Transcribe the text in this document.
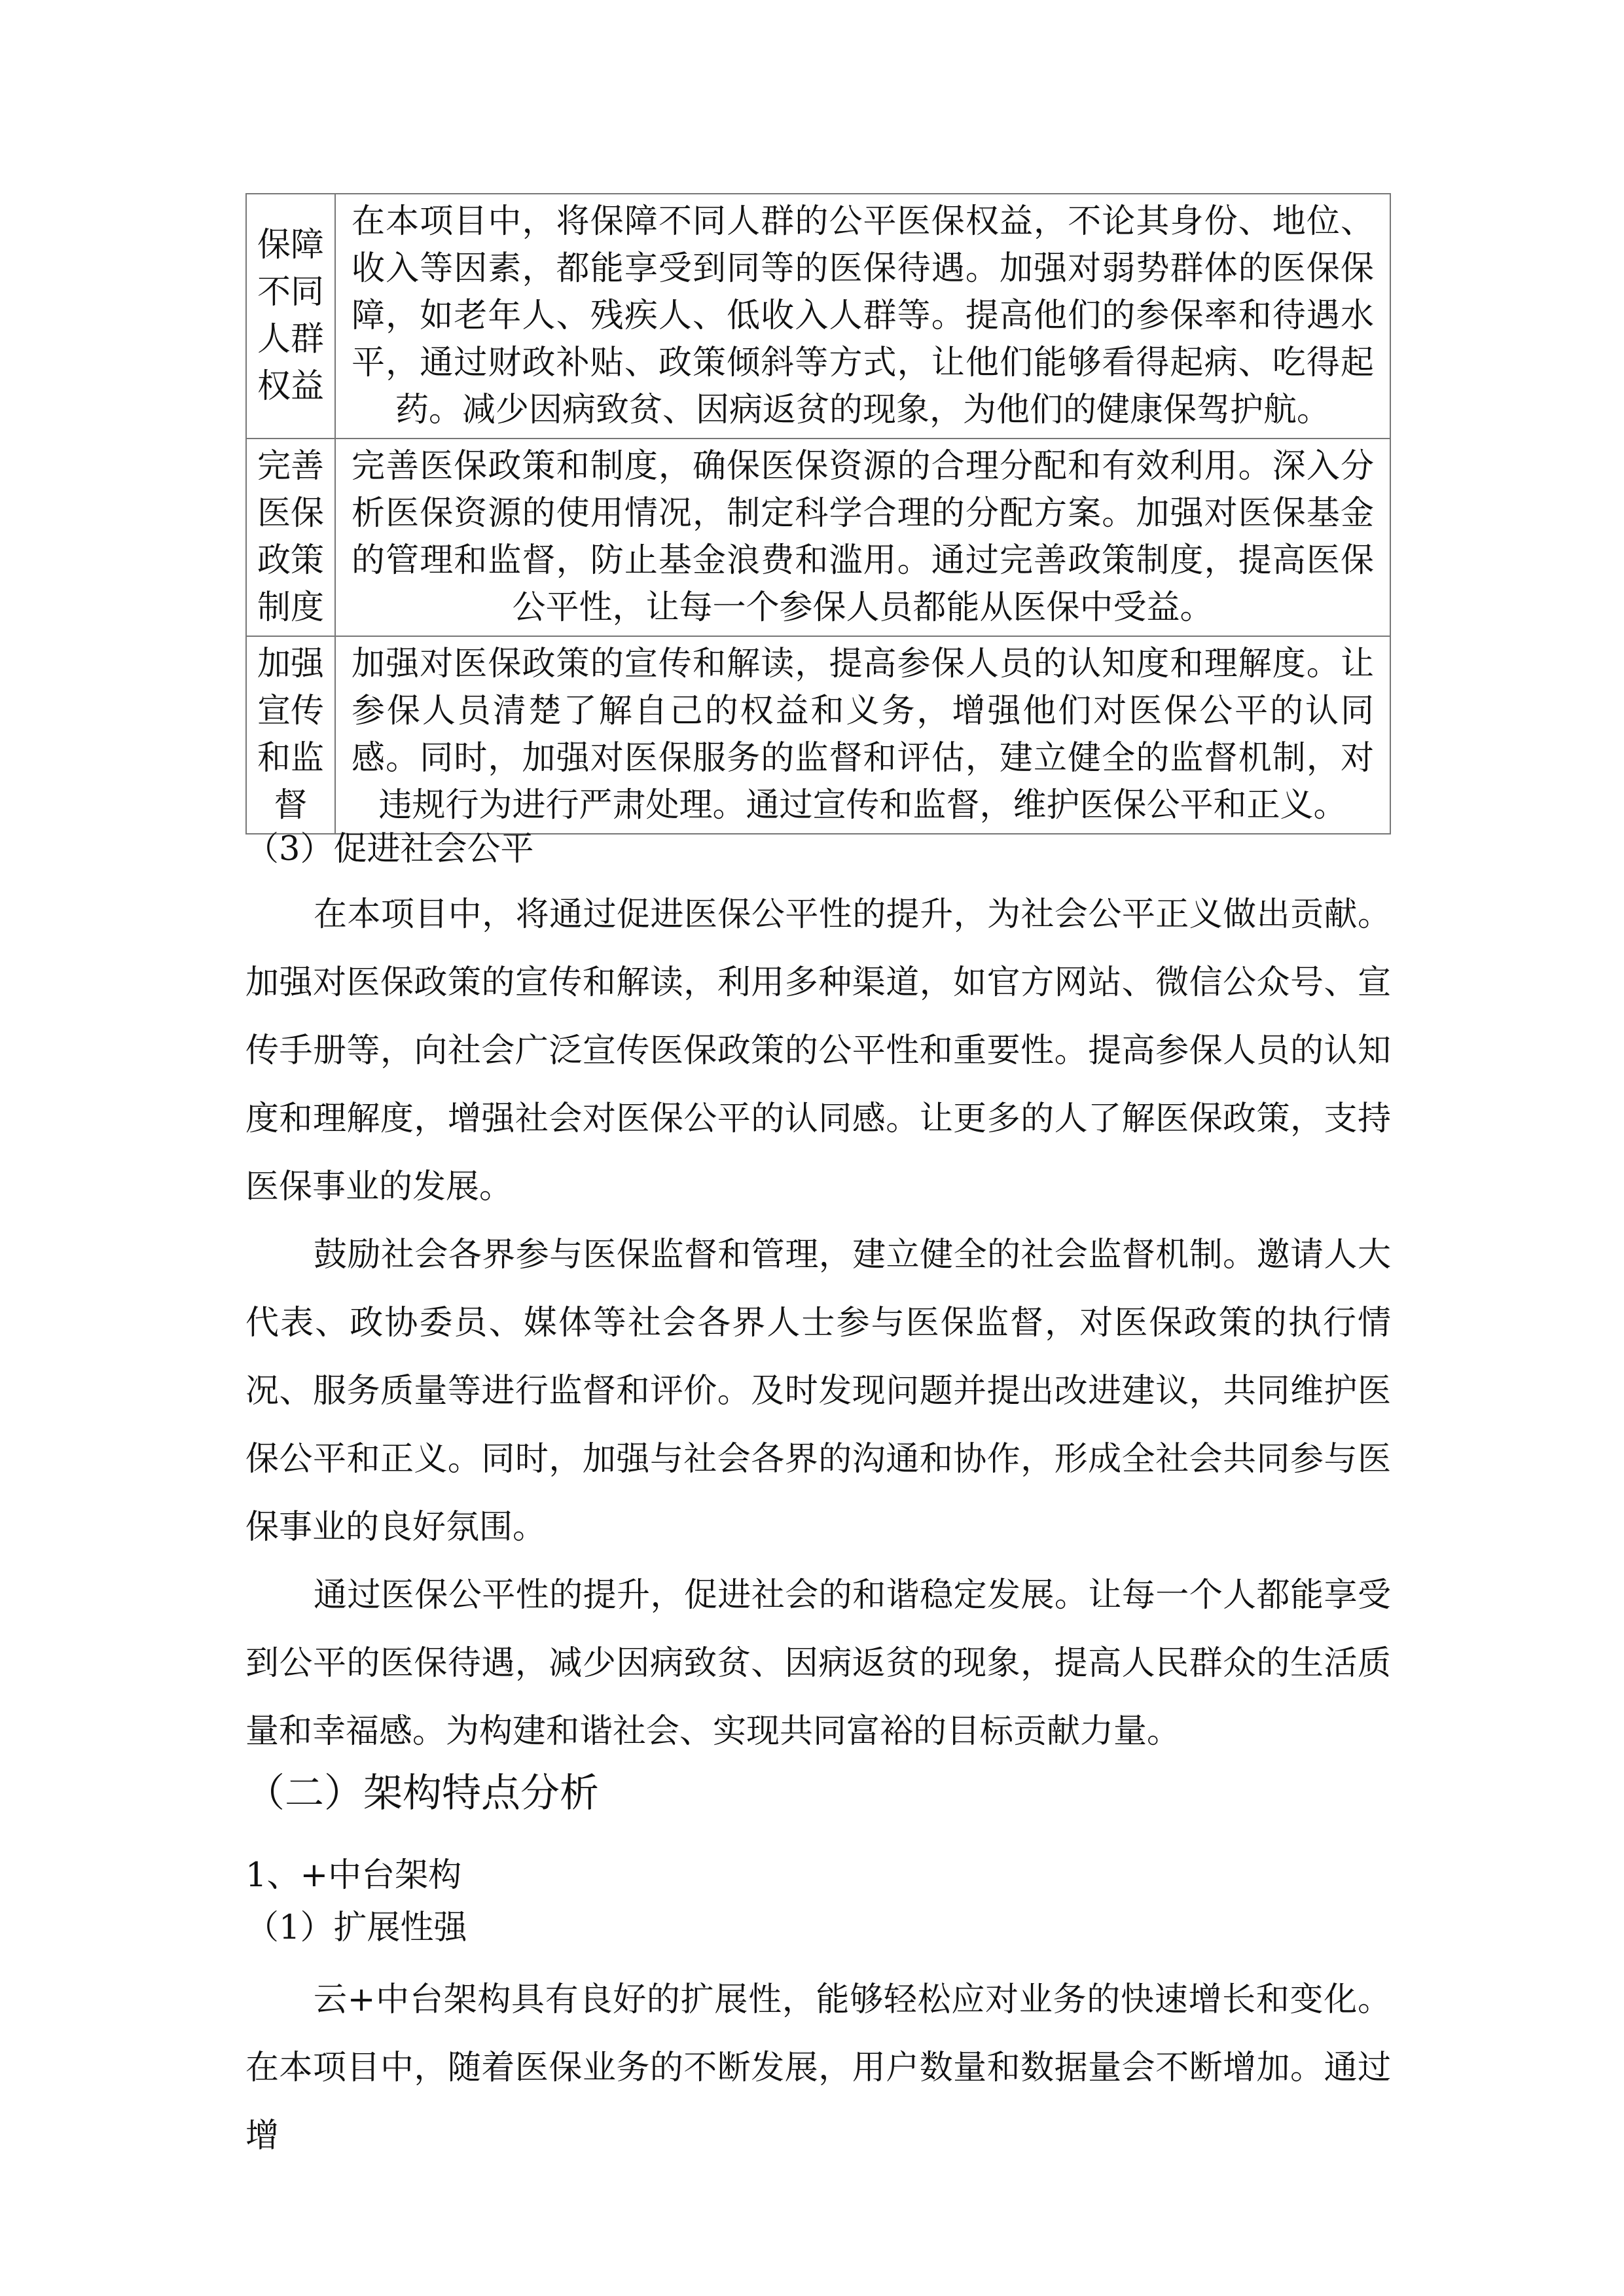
保障不同人群权益	在本项目中，将保障不同人群的公平医保权益，不论其身份、地位、收入等因素，都能享受到同等的医保待遇。加强对弱势群体的医保保障，如老年人、残疾人、低收入人群等。提高他们的参保率和待遇水平，通过财政补贴、政策倾斜等方式，让他们能够看得起病、吃得起药。减少因病致贫、因病返贫的现象，为他们的健康保驾护航。
完善医保政策制度	完善医保政策和制度，确保医保资源的合理分配和有效利用。深入分析医保资源的使用情况，制定科学合理的分配方案。加强对医保基金的管理和监督，防止基金浪费和滥用。通过完善政策制度，提高医保公平性，让每一个参保人员都能从医保中受益。
加强宣传和监督	加强对医保政策的宣传和解读，提高参保人员的认知度和理解度。让参保人员清楚了解自己的权益和义务，增强他们对医保公平的认同感。同时，加强对医保服务的监督和评估，建立健全的监督机制，对违规行为进行严肃处理。通过宣传和监督，维护医保公平和正义。
（3）促进社会公平

在本项目中，将通过促进医保公平性的提升，为社会公平正义做出贡献。加强对医保政策的宣传和解读，利用多种渠道，如官方网站、微信公众号、宣传手册等，向社会广泛宣传医保政策的公平性和重要性。提高参保人员的认知度和理解度，增强社会对医保公平的认同感。让更多的人了解医保政策，支持医保事业的发展。

鼓励社会各界参与医保监督和管理，建立健全的社会监督机制。邀请人大代表、政协委员、媒体等社会各界人士参与医保监督，对医保政策的执行情况、服务质量等进行监督和评价。及时发现问题并提出改进建议，共同维护医保公平和正义。同时，加强与社会各界的沟通和协作，形成全社会共同参与医保事业的良好氛围。

通过医保公平性的提升，促进社会的和谐稳定发展。让每一个人都能享受到公平的医保待遇，减少因病致贫、因病返贫的现象，提高人民群众的生活质量和幸福感。为构建和谐社会、实现共同富裕的目标贡献力量。

（二）架构特点分析
1、+中台架构
（1）扩展性强

云+中台架构具有良好的扩展性，能够轻松应对业务的快速增长和变化。在本项目中，随着医保业务的不断发展，用户数量和数据量会不断增加。通过增
